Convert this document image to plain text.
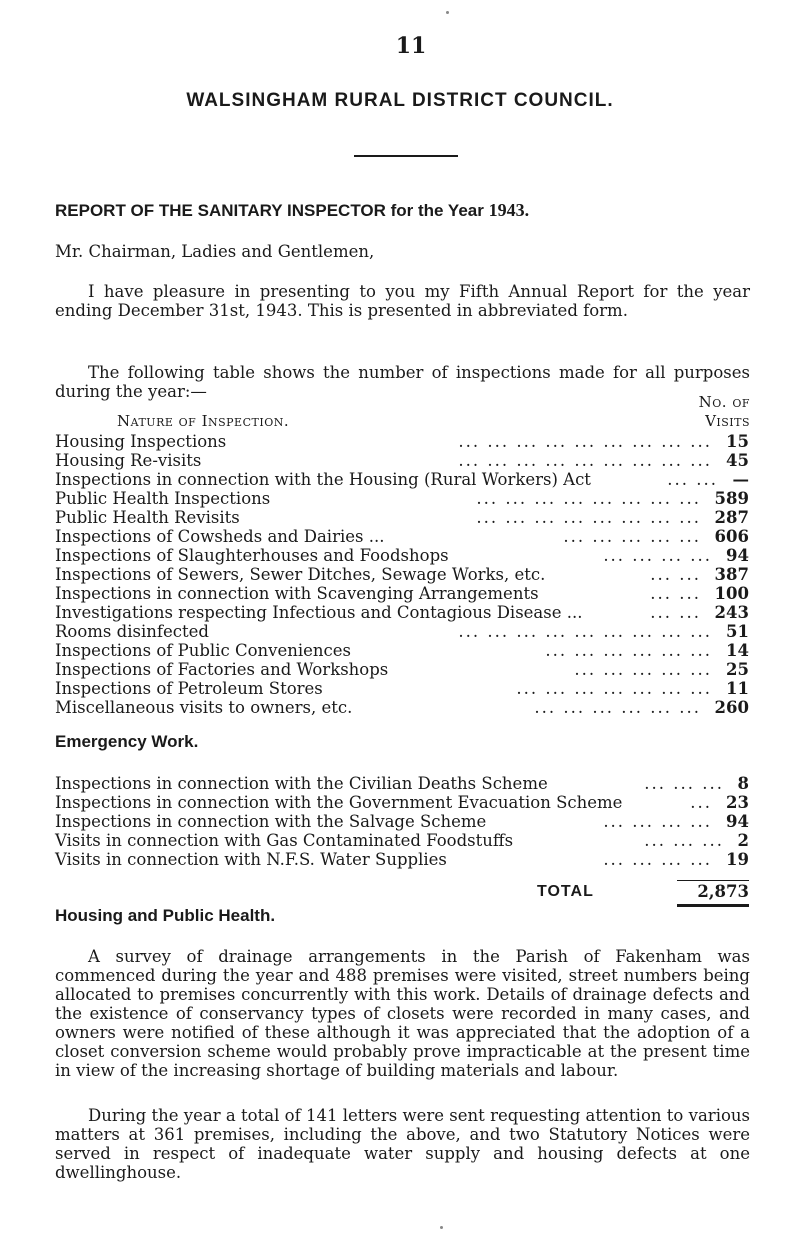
11
WALSINGHAM RURAL DISTRICT COUNCIL.
REPORT OF THE SANITARY INSPECTOR for the Year 1943.
Mr. Chairman, Ladies and Gentlemen,
I have pleasure in presenting to you my Fifth Annual Report for the year ending December 31st, 1943. This is presented in abbreviated form.
The following table shows the number of inspections made for all purposes during the year:—
Nature of Inspection.
No. of
Visits
Housing Inspections	15
... ... ... ... ... ... ... ... ...
Housing Re-visits	45
... ... ... ... ... ... ... ... ...
Inspections in connection with the Housing (Rural Workers) Act	—
... ...
Public Health Inspections	589
... ... ... ... ... ... ... ...
Public Health Revisits	287
... ... ... ... ... ... ... ...
Inspections of Cowsheds and Dairies ...	606
... ... ... ... ...
Inspections of Slaughterhouses and Foodshops	94
... ... ... ...
Inspections of Sewers, Sewer Ditches, Sewage Works, etc.	387
... ...
Inspections in connection with Scavenging Arrangements	100
... ...
Investigations respecting Infectious and Contagious Disease ...	243
... ...
Rooms disinfected	51
... ... ... ... ... ... ... ... ...
Inspections of Public Conveniences	14
... ... ... ... ... ...
Inspections of Factories and Workshops	25
... ... ... ... ...
Inspections of Petroleum Stores	11
... ... ... ... ... ... ...
Miscellaneous visits to owners, etc.	260
... ... ... ... ... ...
Emergency Work.
Inspections in connection with the Civilian Deaths Scheme	8
... ... ...
Inspections in connection with the Government Evacuation Scheme	23
...
Inspections in connection with the Salvage Scheme	94
... ... ... ...
Visits in connection with Gas Contaminated Foodstuffs	2
... ... ...
Visits in connection with N.F.S. Water Supplies	19
... ... ... ...
TOTAL	2,873
Housing and Public Health.
A survey of drainage arrangements in the Parish of Fakenham was commenced during the year and 488 premises were visited, street numbers being allocated to premises concurrently with this work. Details of drainage defects and the existence of conservancy types of closets were recorded in many cases, and owners were notified of these although it was appreciated that the adoption of a closet conversion scheme would probably prove impracticable at the present time in view of the increasing shortage of building materials and labour.
During the year a total of 141 letters were sent requesting attention to various matters at 361 premises, including the above, and two Statutory Notices were served in respect of inadequate water supply and housing defects at one dwellinghouse.
